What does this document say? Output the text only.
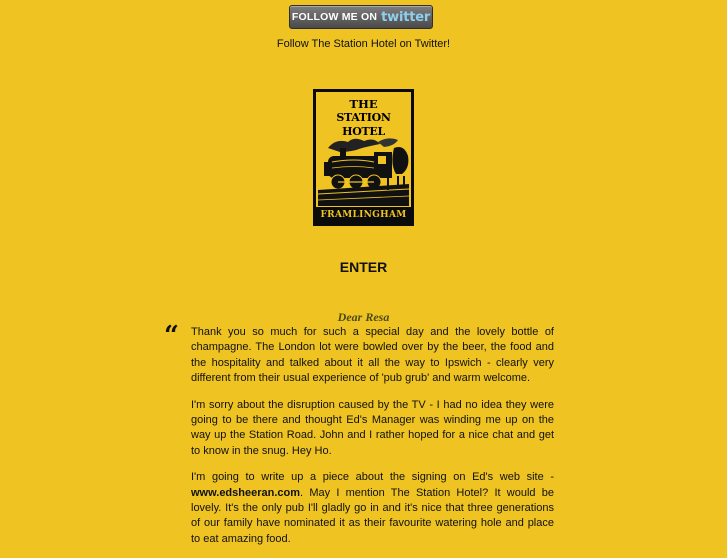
FOLLOW ME ON twitter
Follow The Station Hotel on Twitter!
THE
STATION HOTEL
FRAMLINGHAM
ENTER
Dear Resa
“ Thank you so much for such a special day and the lovely bottle of champagne. The London lot were bowled over by the beer, the food and the hospitality and talked about it all the way to Ipswich - clearly very different from their usual experience of 'pub grub' and warm welcome.

I'm sorry about the disruption caused by the TV - I had no idea they were going to be there and thought Ed's Manager was winding me up on the way up the Station Road. John and I rather hoped for a nice chat and get to know in the snug. Hey Ho.

I'm going to write up a piece about the signing on Ed's web site - www.edsheeran.com. May I mention The Station Hotel? It would be lovely. It's the only pub I'll gladly go in and it's nice that three generations of our family have nominated it as their favourite watering hole and place to eat amazing food.
